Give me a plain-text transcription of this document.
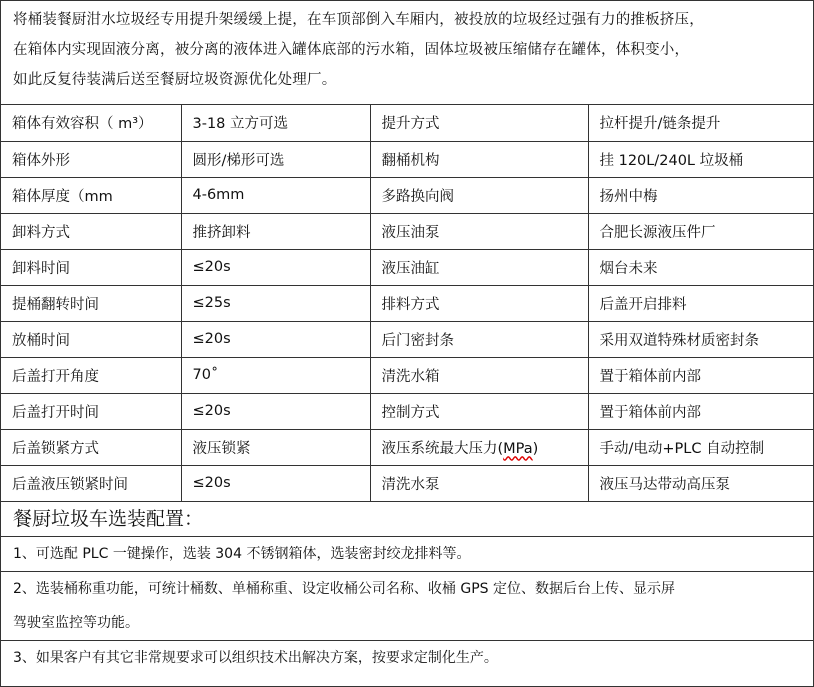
将桶装餐厨泔水垃圾经专用提升架缓缓上提，在车顶部倒入车厢内，被投放的垃圾经过强有力的推板挤压，
在箱体内实现固液分离，被分离的液体进入罐体底部的污水箱，固体垃圾被压缩储存在罐体，体积变小，
如此反复待装满后送至餐厨垃圾资源优化处理厂。
箱体有效容积（ m³）	3-18 立方可选	提升方式	拉杆提升/链条提升
箱体外形	圆形/梯形可选	翻桶机构	挂 120L/240L 垃圾桶
箱体厚度（mm	4-6mm	多路换向阀	扬州中梅
卸料方式	推挤卸料	液压油泵	合肥长源液压件厂
卸料时间	≤20s	液压油缸	烟台未来
提桶翻转时间	≤25s	排料方式	后盖开启排料
放桶时间	≤20s	后门密封条	采用双道特殊材质密封条
后盖打开角度	70˚	清洗水箱	置于箱体前内部
后盖打开时间	≤20s	控制方式	置于箱体前内部
后盖锁紧方式	液压锁紧	液压系统最大压力(MPa)	手动/电动+PLC 自动控制
后盖液压锁紧时间	≤20s	清洗水泵	液压马达带动高压泵
餐厨垃圾车选装配置：
1、可选配 PLC 一键操作，选装 304 不锈钢箱体，选装密封绞龙排料等。
2、选装桶称重功能，可统计桶数、单桶称重、设定收桶公司名称、收桶 GPS 定位、数据后台上传、显示屏
驾驶室监控等功能。
3、如果客户有其它非常规要求可以组织技术出解决方案，按要求定制化生产。
